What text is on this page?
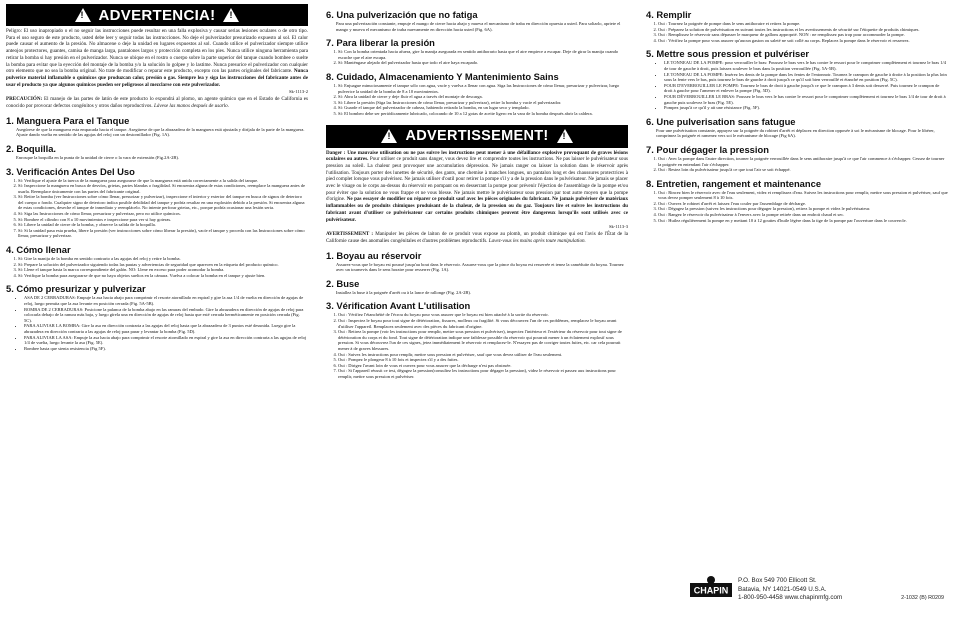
!
ADVERTENCIA!
!

Peligro: El uso inapropiado o el no seguir las instrucciones puede resultar en una falla explosiva y causar serias lesiones oculares o de otro tipo. Para el uso seguro de este producto, usted debe leer y seguir todas las instrucciones. No deje el pulverizador presurizado expuesto al sol. El calor puede causar el aumento de la presión. No almacene o deje la unidad en lugares expuestos al sol. Cuando utilice el pulverizador siempre utilice anteojos protectores, guantes, camisa de manga larga, pantalones largos y protección completa en los pies. Nunca utilice ninguna herramienta para retirar la bomba si hay presión en el pulverizador. Nunca se ubique en el rostro o cuerpo sobre la parte superior del tanque cuando bombee o suelte la bomba para evitar que la eyección del montaje de la bomba y/o la solución lo golpee y lo lastime. Nunca presurice el pulverizador con cualquier otro elemento que no sea la bomba original. No trate de modificar o reparar este producto, excepto con las partes originales del fabricante. Nunca pulverice material inflamable o químicos que produzcan calor, presión o gas. Siempre lea y siga las instrucciones del fabricante antes de usar el producto ya que algunos químicos pueden ser peligrosos al mezclarse con este pulverizador.

Sk-1113-2

PRECAUCIÓN: El manejo de las partes de latón de este producto lo expondrá al plomo, un agente químico que en el Estado de California es conocido por provocar defectos congénitos y otros daños reproductivos. Lávese las manos después de usarlo.

1. Manguera Para el Tanque

Asegúrese de que la manguera esta empacada hacia el tanque. Asegúrese de que la abrazadera de la manguera está ajustada y diríjala de la parte de la manguera. Ajuste dando vuelta en sentido de las agujas del reloj con un destornillador (Fig. 1A).

2. Boquilla.

Enrosque la boquilla en la punta de la unidad de cierre o la vara de extensión (Fig.2A-2B).

3. Verificación Antes Del Uso
1. Sí: Verifique el ajuste de la tuerca de la manguera para asegurarse de que la manguera está unida correctamente a la salida del tanque.
2. Sí: Inspeccione la manguera en busca de desvíos, grietas, partes blandas o fragilidad. Si encuentra alguna de estas condiciones, reemplace la manguera antes de usarla. Reemplace únicamente con las partes del fabricante original.
3. Sí: Retire la bomba (ver Instrucciones sobre cómo llenar, presurizar y pulverizar), inspeccione el interior y exterior del tanque en busca de signos de deterioro del cuerpo o fondo. Cualquier signo de deterioro indica posible debilidad del tanque y podría resultar en una explosión debido a la presión. Si encuentra alguna de estas condiciones, deseche el tanque de inmediato y reemplácelo. No intente perforar grietas, etc., porque podría ocasionar una lesión seria.
4. Sí: Siga las Instrucciones de cómo llenar, presurizar y pulverizar, pero no utilice químicos.
5. Sí: Bombee el cilindro con 8 a 10 movimientos e inspeccione para ver si hay goteras.
6. Sí: Libere la unidad de cierre de la bomba, y observe la salida de la boquilla.
7. Sí: Si la unidad pasa esta prueba, libere la presión (ver instrucciones sobre cómo liberar la presión), vacíe el tanque y proceda con las Instrucciones sobre cómo llenar, presurizar y pulverizar.
4. Cómo llenar
1. Sí: Gire la manija de la bomba en sentido contrario a las agujas del reloj y retire la bomba.
2. Sí: Prepare la solución del pulverizador siguiendo todas las pautas y advertencias de seguridad que aparecen en la etiqueta del producto químico.
3. Sí: Llene el tanque hasta la marca correspondiente del galón. NO: Llene en exceso para poder acomodar la bomba.
4. Sí: Verifique la bomba para asegurarse de que no haya objetos sueltos en la cámara. Vuelva a colocar la bomba en el tanque y ajuste bien.
5. Cómo presurizar y pulverizar
• ASA DE 2 CERRADURAS: Empuje la asa hacia abajo para comprimir el resorte atornillado en espiral y gire la asa 1/4 de vuelta en dirección de agujas de reloj, luego permita que la asa levante en posición cerrada (Fig. 5A-5B).
• BOMBA DE 2 CERRADURAS: Posicione la palanca de la bomba abajo en las ranuras del embudo. Gire la abrazadera en dirección de agujas de reloj para colocarla debajo de la ranura más baja, y luego gírela una en dirección de agujas de reloj hasta que esté cerrada herméticamente en posición cerrada (Fig. 5C).
• PARA ALIVIAR LA BOMBA: Gire la asa en dirección contraria a las agujas del reloj hasta que la abrazadera de 3 puntos esté desunida. Luego gire la abrazadera en dirección contraria a las agujas de reloj para parar y levantar la bomba (Fig. 5D).
• PARA ALIVIAR LA ASA: Empuje la asa hacia abajo para comprimir el resorte atornillado en espiral y gire la asa en dirección contraria a las agujas de reloj 1/4 de vuelta, luego levante la asa (Fig. 5E).
• Bombee hasta que sienta resistencia (Fig 5F).
6. Una pulverización que no fatiga

Para una pulverización constante, empuje el mango de cierre hacia abajo y mueva el mecanismo de traba en dirección opuesta a usted. Para soltarlo, apriete el mango y mueva el mecanismo de traba nuevamente en dirección hacia usted (Fig. 6A).

7. Para liberar la presión
1. Sí: Con la bomba orientada hacia afuera, gire la manija asegurada en sentido antihorario hasta que el aire empiece a escapar. Deje de girar la manija cuando escuche que el aire escapa.
2. Sí: Manténgase alejado del pulverizador hasta que todo el aire haya escapado.
8. Cuidado, Almacenamiento Y Mantenimiento Sains
1. Sí: Enjuague minuciosamente el tanque sólo con agua, vacíe y vuelva a llenar con agua. Siga las Instrucciones de cómo llenar, presurizar y pulverizar, luego pulverice la unidad de la bomba de 8 a 10 movimientos.
2. Sí: Abra la unidad de cierre y deje fluir el agua a través del montaje de descarga.
3. Sí: Libere la presión (Siga las Instrucciones de cómo llenar, presurizar y pulverizar), retire la bomba y vacíe el pulverizador.
4. Sí: Guarde el tanque del pulverizador de cabeza, habiendo retirado la bomba, en un lugar seco y templado.
5. Sí: El bombeo debe ser periódicamente lubricado, colocando de 10 a 12 gotas de aceite ligero en la vara de la bomba después abrir la caldera.
!
ADVERTISSEMENT!
!

Danger : Une mauvaise utilisation ou ne pas suivre les instructions peut mener à une défaillance explosive provoquant de graves lésions oculaires ou autres. Pour utiliser ce produit sans danger, vous devez lire et comprendre toutes les instructions. Ne pas laisser le pulvérisateur sous pression au soleil. La chaleur peut provoquer une accumulation dépression. Ne jamais ranger ou laisser la solution dans le réservoir après l'utilisation. Toujours porter des lunettes de sécurité, des gants, une chemise à manches longues, un pantalon long et des chaussures protectrices à pied complet lorsque vous pulvérisez. Ne jamais utiliser d'outil pour retirer la pompe s'il y a de la pression dans le pulvérisateur. Ne jamais se placer avec le visage ou le corps au-dessus du réservoir en pompant ou en desserrant la pompe pour prévenir l'éjection de l'assemblage de la pompe et/ou pour éviter que la solution ne vous frappe et ne vous blesse. Ne jamais mettre le pulvérisateur sous pression par tout autre moyen que la pompe d'origine. Ne pas essayer de modifier ou réparer ce produit sauf avec les pièces originales du fabricant. Ne jamais pulvériser de matériaux inflammables ou de produits chimiques produisant de la chaleur, de la pression ou du gaz. Toujours lire et suivre les instructions du fabricant avant d'utiliser ce pulvérisateur car certains produits chimiques peuvent être dangereux lorsqu'ils sont utilisés avec ce pulvérisateur.

Sk-1113-3

AVERTISSEMENT : Manipuler les pièces de laiton de ce produit vous expose au plomb, un produit chimique qui est l'avis de l'État de la Californie cause des anomalies congénitales et d'autres problèmes reproductifs. Lavez-vous les mains après toute manipulation.

1. Boyau au réservoir

Assurez-vous que le boyau est poussé jusqu'au bout dans le réservoir. Assurez-vous que la pince du boyau est resserrée et tenez la caméduite du boyau. Tournez avec un tournevis dans le sens horaire pour resserrer (Fig. 1A).

2. Buse

Installez la buse à la poignée d'arrêt ou à la lance de rallonge (Fig. 2A-2B).

3. Vérification Avant L'utilisation
1. Oui : Vérifiez l'étanchéité de l'écrou du boyau pour vous assurer que le boyau est bien attaché à la sortie du réservoir.
2. Oui : Inspectez le boyau pour tout signe de détérioration, fissures, molleux ou fragilité. Si vous découvrez l'un de ces problèmes, remplacez le boyau avant d'utiliser l'appareil. Remplacez seulement avec des pièces du fabricant d'origine.
3. Oui : Retirez la pompe (voir les instructions pour remplir, mettre sous pression et pulvériser), inspectez l'intérieur et l'extérieur du réservoir pour tout signe de détérioration du corps et du fond. Tout signe de détérioration indique une faiblesse possible du réservoir qui pourrait mener à un éclatement explosif sous pression. Si vous découvrez l'un de ces signes, jetez immédiatement le réservoir et remplacez-le. N'essayez pas de corriger toutes fuites, etc. car cela pourrait mener à de graves blessures.
4. Oui : Suivez les instructions pour remplir, mettre sous pression et pulvériser, sauf que vous devez utiliser de l'eau seulement.
5. Oui : Pompez le plongeur 8 à 10 fois et inspectez s'il y a des fuites.
6. Oui : Dirigez l'avant loin de vous et ouvrez pour vous assurer que la décharge n'est pas obstruée.
7. Oui : Si l'appareil réussit ce test, dégagez la pression(consultez les instructions pour dégager la pression), videz le réservoir et passez aux instructions pour remplir, mettre sous pression et pulvériser.
4. Remplir
1. Oui : Tournez la poignée de pompe dans le sens antihoraire et retirez la pompe.
2. Oui : Préparez la solution de pulvérisation en suivant toutes les instructions et les avertissements de sécurité sur l'étiquette de produits chimiques.
3. Oui : Remplissez le réservoir sans dépasser le marqueur de gallons approprié. NON : ne remplissez pas trop pour accommoder la pompe.
4. Oui : Vérifiez la pompe pour vous assurer qu'aucun gaston ou saleté ne soit collé au corps. Replacez la pompe dans le réservoir et resserrez.
5. Mettre sous pression et pulvériser
• LE TONNEAU DE LA POMPE: pour verrouiller le bras: Poussez le bras vers le bas contre le ressort pour le comprimer complètement et tournez le bras 1/4 de tour de gauche à droit, puis laissez soulever le bras dans la position verrouillée (Fig. 5A-5B).
• LE TONNEAU DE LA POMPE: Insérez les dents de la pompe dans les fentes de l'entonnoir. Tournez le crampon de gauche à droite à la position la plus loin sous la fente vers le bas, puis tournez le bras de gauche à droit jusqu'à ce qu'il soit bien verrouillé et étanché en position (Fig. 5C).
• POUR D'EVERROUILLER LE POMPE: Tournez le bras de droit à gauche jusqu'à ce que le crampon à 3 dents soit desserré. Puis tournez le crampon de droit à gauche pour l'amener et enlever la pompe (Fig. 5D).
• POUR DÉVERROUILLER LE BRAS: Poussez le bras vers le bas contre le ressort pour le comprimer complètement et tournez le bras 1/4 de tour de droit à gauche puis soulevez le bras (Fig. 5E).
• Pompez jusqu'à ce qu'il y ait une résistance (Fig. 5F).
6. Une pulverisation sans fatugue

Pour une pulvérisation constante, appuyez sur la poignée du robinet d'arrêt et déplacez en direction opposée à soi le mécanisme de blocage. Pour le libérer, comprimez la poignée et ramenez vers soi le mécanisme de blocage (Fig 6A).

7. Pour dégager la pression
1. Oui : Avec la pompe dans l'autre direction, tourner la poignée verrouillée dans le sens antihoraire jusqu'à ce que l'air commence à s'échapper. Cessez de tourner la poignée en entendant l'air s'échapper.
2. Oui : Restez loin du pulvérisateur jusqu'à ce que tout l'air se soit échappé.
8. Entretien, rangement et maintenance
1. Oui : Rincez bien le réservoir avec de l'eau seulement, videz et remplissez d'eau. Suivez les instructions pour remplir, mettre sous pression et pulvériser, sauf que vous devez pomper seulement 8 à 10 fois.
2. Oui : Ouvrez le robinet d'arrêt et laissez l'eau couler par l'assemblage de décharge.
3. Oui : Dégagez la pression (suivez les instructions pour dégager la pression), retirez la pompe et videz le pulvérisateur.
4. Oui : Rangez le réservoir du pulvérisateur à l'envers avec la pompe retirée dans un endroit chaud et sec.
5. Oui : Huilez régulièrement la pompe en y mettant 10 à 12 gouttes d'huile légère dans la tige de la pompe par l'ouverture dans le couvercle.
CHAPIN
P.O. Box 549 700 Ellicott St.
Batavia, NY 14021-0549 U.S.A.
1-800-950-4458 www.chapinmfg.com	2-1032 (B) R0209
